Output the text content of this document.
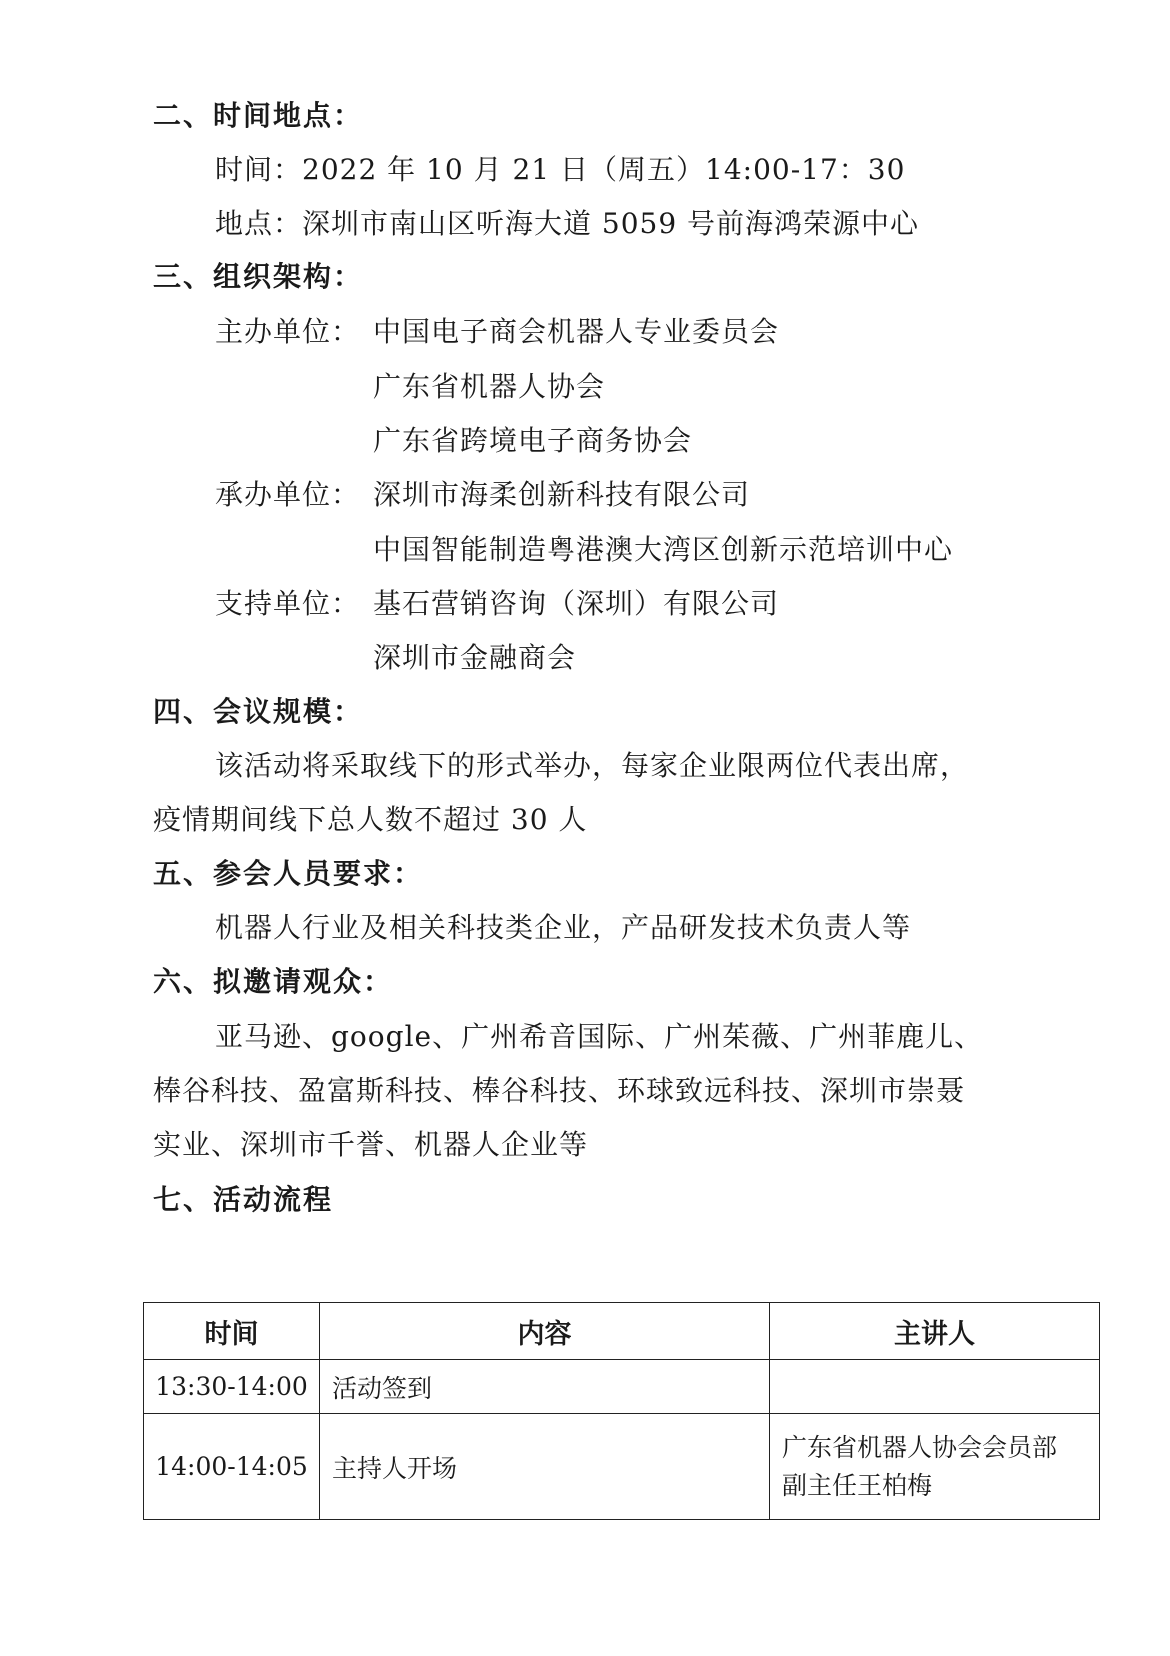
二、时间地点：
时间：2022 年 10 月 21 日（周五）14:00-17：30
地点：深圳市南山区听海大道 5059 号前海鸿荣源中心
三、组织架构：
主办单位： 中国电子商会机器人专业委员会
广东省机器人协会
广东省跨境电子商务协会
承办单位： 深圳市海柔创新科技有限公司
中国智能制造粤港澳大湾区创新示范培训中心
支持单位： 基石营销咨询（深圳）有限公司
深圳市金融商会
四、会议规模：
该活动将采取线下的形式举办，每家企业限两位代表出席，
疫情期间线下总人数不超过 30 人
五、参会人员要求：
机器人行业及相关科技类企业，产品研发技术负责人等
六、拟邀请观众：
亚马逊、google、广州希音国际、广州茱薇、广州菲鹿儿、
棒谷科技、盈富斯科技、棒谷科技、环球致远科技、深圳市崇聂
实业、深圳市千誉、机器人企业等
七、活动流程
时间	内容	主讲人
13:30-14:00	活动签到	
14:00-14:05	主持人开场	广东省机器人协会会员部
副主任王柏梅
